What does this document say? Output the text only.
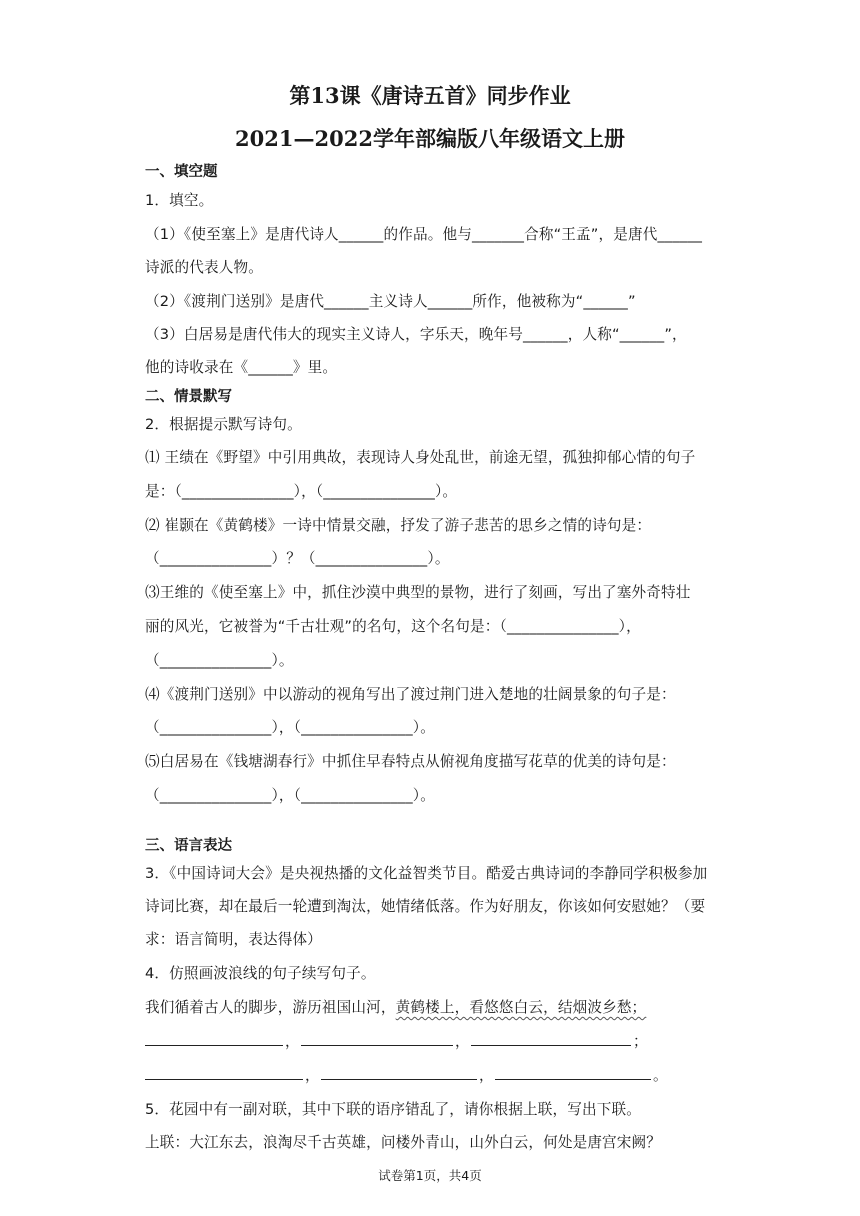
第13课《唐诗五首》同步作业
2021—2022学年部编版八年级语文上册
一、填空题
1．填空。
（1）《使至塞上》是唐代诗人______的作品。他与_______合称“王孟”，是唐代______
诗派的代表人物。
（2）《渡荆门送别》是唐代______主义诗人______所作，他被称为“______”
（3）白居易是唐代伟大的现实主义诗人，字乐天，晚年号______，人称“______”，
他的诗收录在《______》里。
二、情景默写
2．根据提示默写诗句。
⑴ 王绩在《野望》中引用典故，表现诗人身处乱世，前途无望，孤独抑郁心情的句子
是：（_______________），（_______________）。
⑵ 崔颢在《黄鹤楼》一诗中情景交融，抒发了游子悲苦的思乡之情的诗句是：
（_______________）？（_______________）。
⑶王维的《使至塞上》中，抓住沙漠中典型的景物，进行了刻画，写出了塞外奇特壮
丽的风光，它被誉为“千古壮观”的名句，这个名句是：（_______________），
（_______________）。
⑷《渡荆门送别》中以游动的视角写出了渡过荆门进入楚地的壮阔景象的句子是：
（_______________），（_______________）。
⑸白居易在《钱塘湖春行》中抓住早春特点从俯视角度描写花草的优美的诗句是：
（_______________），（_______________）。
三、语言表达
3．《中国诗词大会》是央视热播的文化益智类节目。酷爱古典诗词的李静同学积极参加
诗词比赛，却在最后一轮遭到淘汰，她情绪低落。作为好朋友，你该如何安慰她？（要
求：语言简明，表达得体）
4．仿照画波浪线的句子续写句子。
我们循着古人的脚步，游历祖国山河，黄鹤楼上，看悠悠白云，结烟波乡愁；
，	，	；
，	，	。
5．花园中有一副对联，其中下联的语序错乱了，请你根据上联，写出下联。
上联：大江东去，浪淘尽千古英雄，问楼外青山，山外白云，何处是唐宫宋阙？
试卷第1页，共4页
